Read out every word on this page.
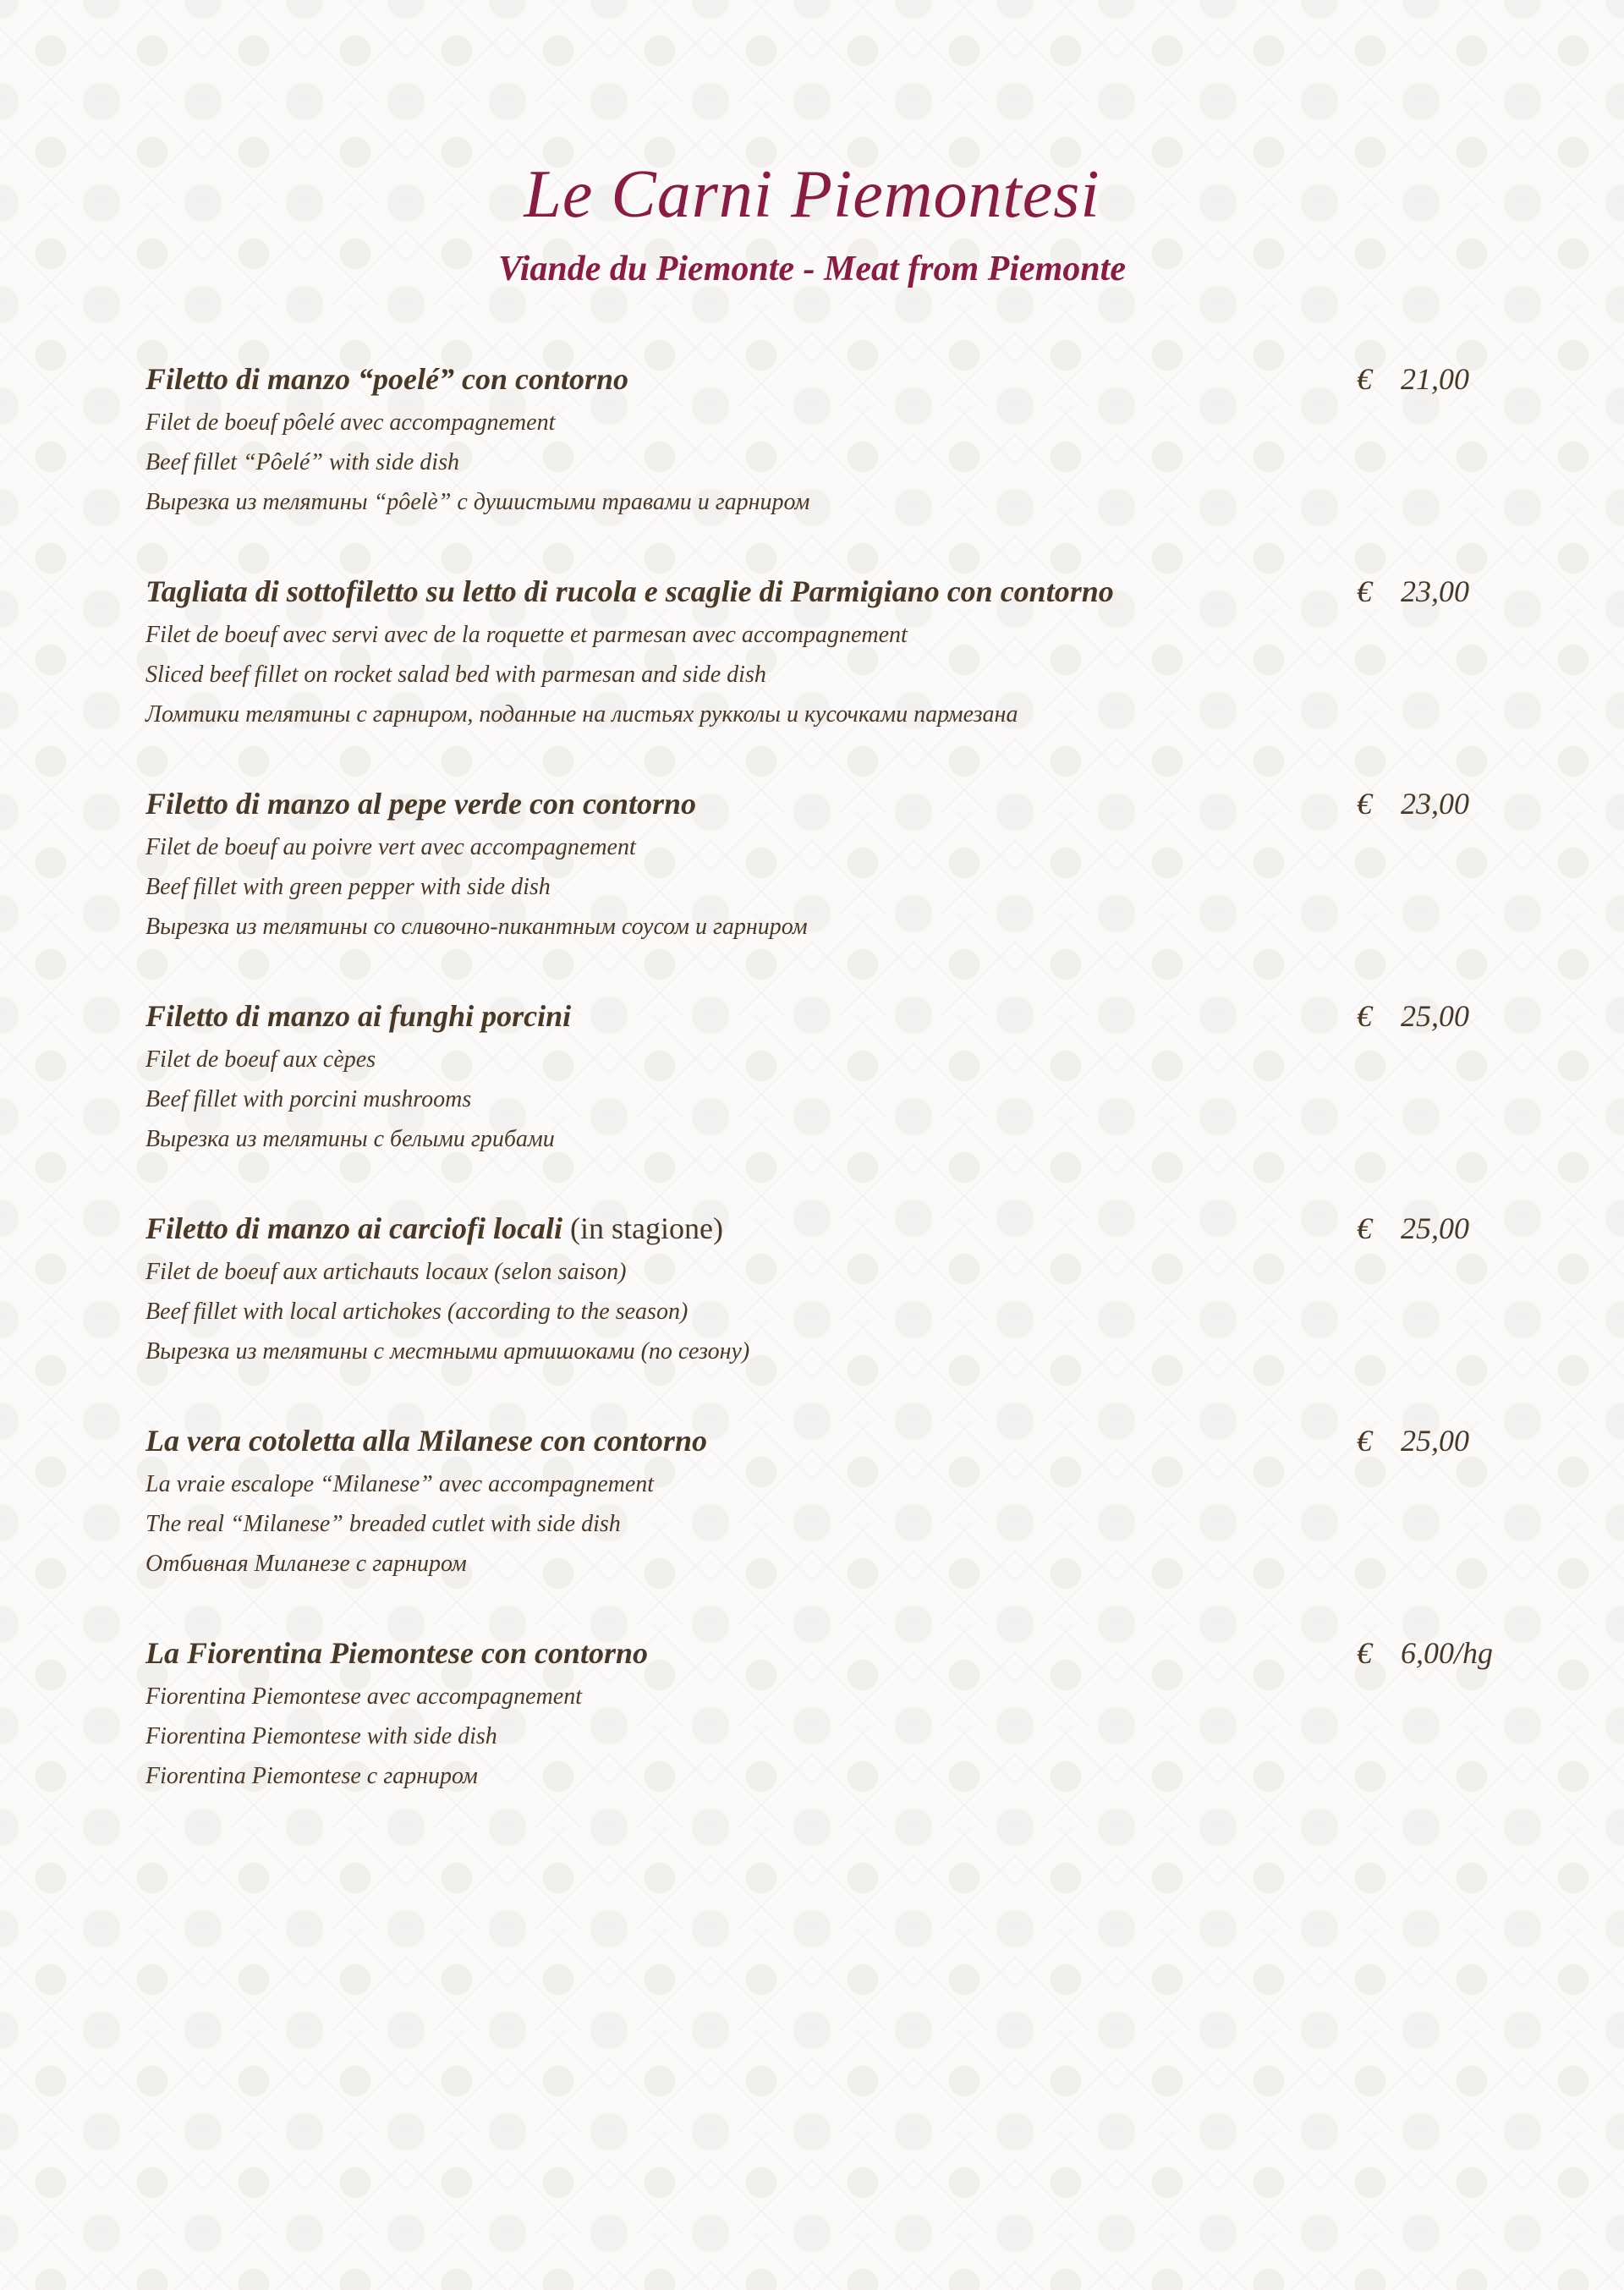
Le Carni Piemontesi
Viande du Piemonte - Meat from Piemonte
Filetto di manzo “poelé” con contorno
Filet de boeuf pôelé avec accompagnement
Beef fillet “Pôelé” with side dish
Вырезка из телятины “pôelè” с душистыми травами и гарниром
€ 21,00
Tagliata di sottofiletto su letto di rucola e scaglie di Parmigiano con contorno
Filet de boeuf avec servi avec de la roquette et parmesan avec accompagnement
Sliced beef fillet on rocket salad bed with parmesan and side dish
Ломтики телятины с гарниром, поданные на листьях рукколы и кусочками пармезана
€ 23,00
Filetto di manzo al pepe verde con contorno
Filet de boeuf au poivre vert avec accompagnement
Beef fillet with green pepper with side dish
Вырезка из телятины со сливочно-пикантным соусом и гарниром
€ 23,00
Filetto di manzo ai funghi porcini
Filet de boeuf aux cèpes
Beef fillet with porcini mushrooms
Вырезка из телятины с белыми грибами
€ 25,00
Filetto di manzo ai carciofi locali (in stagione)
Filet de boeuf aux artichauts locaux (selon saison)
Beef fillet with local artichokes (according to the season)
Вырезка из телятины с местными артишоками (по сезону)
€ 25,00
La vera cotoletta alla Milanese con contorno
La vraie escalope “Milanese” avec accompagnement
The real “Milanese” breaded cutlet with side dish
Отбивная Миланезе с гарниром
€ 25,00
La Fiorentina Piemontese con contorno
Fiorentina Piemontese avec accompagnement
Fiorentina Piemontese with side dish
Fiorentina Piemontese с гарниром
€ 6,00/hg
